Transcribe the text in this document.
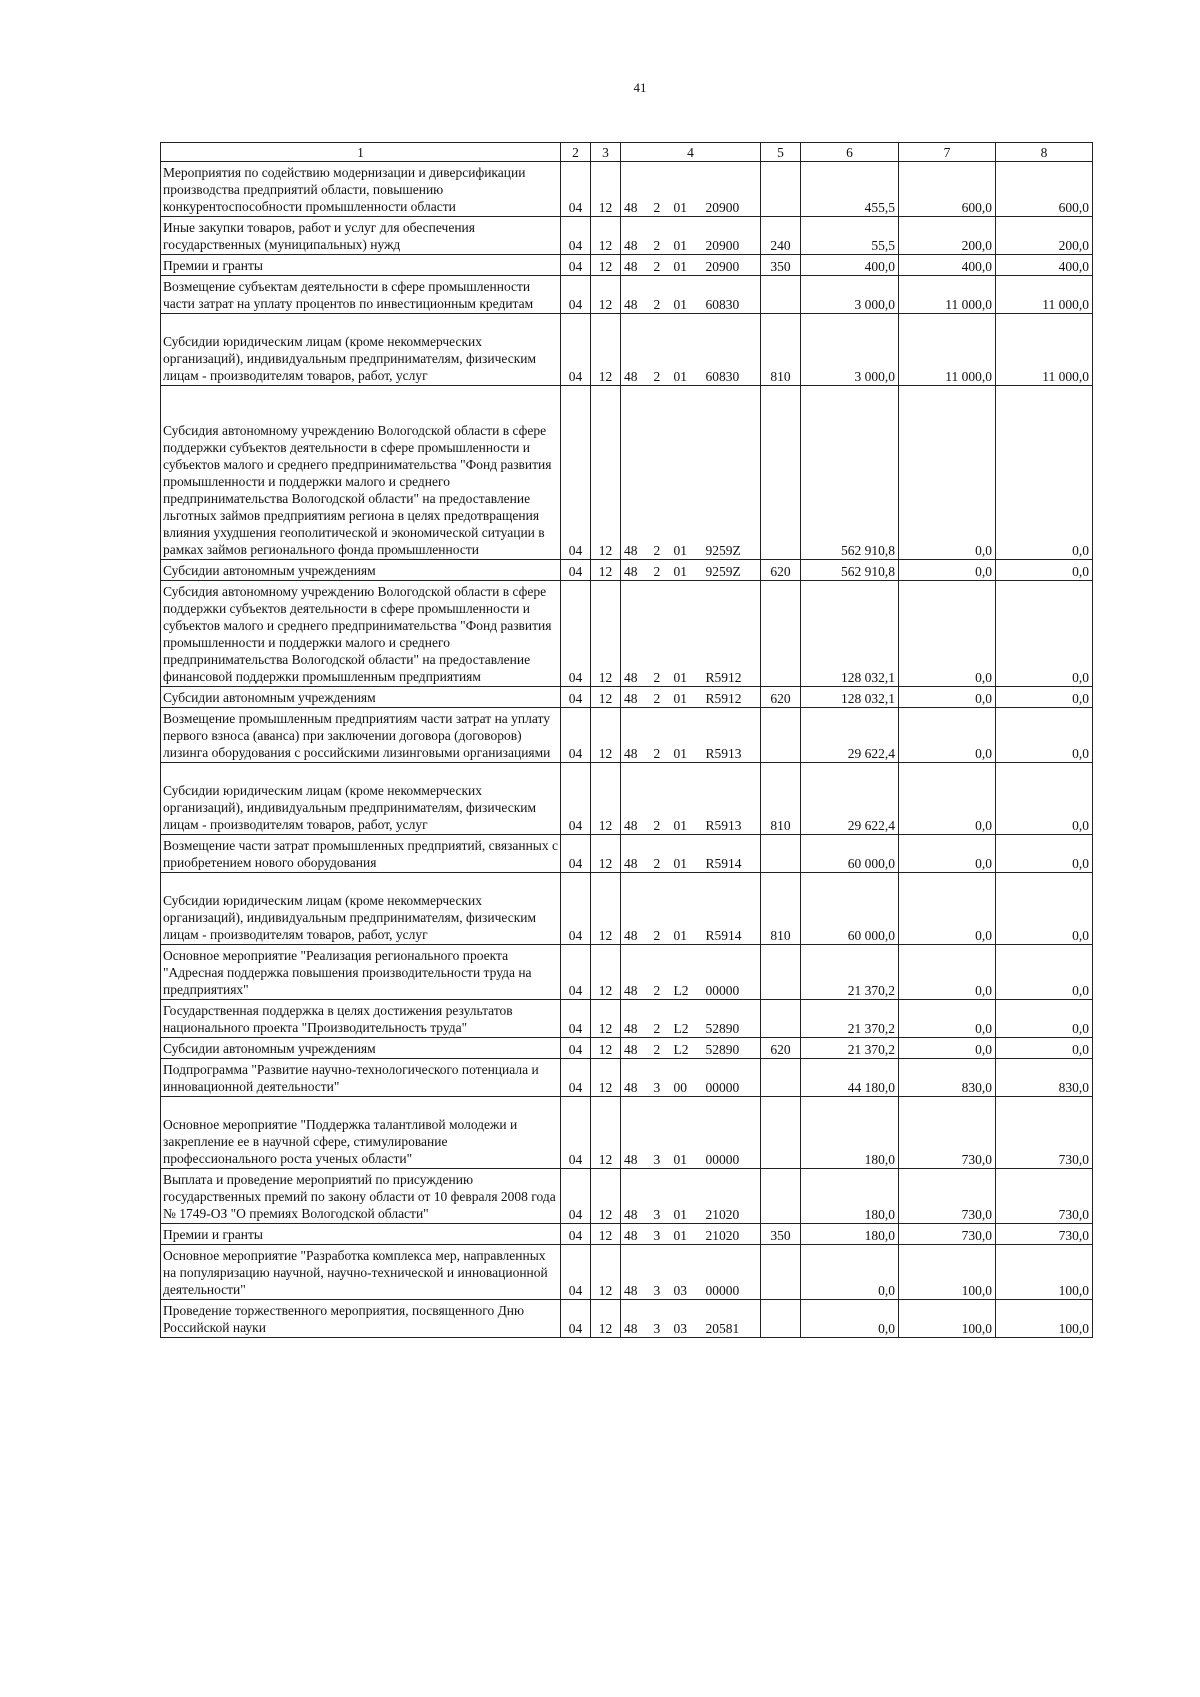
41
1	2	3	4				5	6	7	8
Мероприятия по содействию модернизации и диверсификации производства предприятий области, повышению конкурентоспособности промышленности области	04	12	48	2	01	20900		455,5	600,0	600,0
Иные закупки товаров, работ и услуг для обеспечения государственных (муниципальных) нужд	04	12	48	2	01	20900	240	55,5	200,0	200,0
Премии и гранты	04	12	48	2	01	20900	350	400,0	400,0	400,0
Возмещение субъектам деятельности в сфере промышленности части затрат на уплату процентов по инвестиционным кредитам	04	12	48	2	01	60830		3 000,0	11 000,0	11 000,0

Субсидии юридическим лицам (кроме некоммерческих организаций), индивидуальным предпринимателям, физическим лицам - производителям товаров, работ, услуг	04	12	48	2	01	60830	810	3 000,0	11 000,0	11 000,0

Субсидия автономному учреждению Вологодской области в сфере поддержки субъектов деятельности в сфере промышленности и субъектов малого и среднего предпринимательства "Фонд развития промышленности и поддержки малого и среднего предпринимательства Вологодской области" на предоставление льготных займов предприятиям региона в целях предотвращения влияния ухудшения геополитической и экономической ситуации в рамках займов регионального фонда промышленности	04	12	48	2	01	9259Z		562 910,8	0,0	0,0
Субсидии автономным учреждениям	04	12	48	2	01	9259Z	620	562 910,8	0,0	0,0
Субсидия автономному учреждению Вологодской области в сфере поддержки субъектов деятельности в сфере промышленности и субъектов малого и среднего предпринимательства "Фонд развития промышленности и поддержки малого и среднего предпринимательства Вологодской области" на предоставление финансовой поддержки промышленным предприятиям	04	12	48	2	01	R5912		128 032,1	0,0	0,0
Субсидии автономным учреждениям	04	12	48	2	01	R5912	620	128 032,1	0,0	0,0
Возмещение промышленным предприятиям части затрат на уплату первого взноса (аванса) при заключении договора (договоров) лизинга оборудования с российскими лизинговыми организациями	04	12	48	2	01	R5913		29 622,4	0,0	0,0

Субсидии юридическим лицам (кроме некоммерческих организаций), индивидуальным предпринимателям, физическим лицам - производителям товаров, работ, услуг	04	12	48	2	01	R5913	810	29 622,4	0,0	0,0
Возмещение части затрат промышленных предприятий, связанных с приобретением нового оборудования	04	12	48	2	01	R5914		60 000,0	0,0	0,0

Субсидии юридическим лицам (кроме некоммерческих организаций), индивидуальным предпринимателям, физическим лицам - производителям товаров, работ, услуг	04	12	48	2	01	R5914	810	60 000,0	0,0	0,0
Основное мероприятие "Реализация регионального проекта "Адресная поддержка повышения производительности труда на предприятиях"	04	12	48	2	L2	00000		21 370,2	0,0	0,0
Государственная поддержка в целях достижения результатов национального проекта "Производительность труда"	04	12	48	2	L2	52890		21 370,2	0,0	0,0
Субсидии автономным учреждениям	04	12	48	2	L2	52890	620	21 370,2	0,0	0,0
Подпрограмма "Развитие научно-технологического потенциала и инновационной деятельности"	04	12	48	3	00	00000		44 180,0	830,0	830,0

Основное мероприятие "Поддержка талантливой молодежи и закрепление ее в научной сфере, стимулирование профессионального роста ученых области"	04	12	48	3	01	00000		180,0	730,0	730,0
Выплата и проведение мероприятий по присуждению государственных премий по закону области от 10 февраля 2008 года № 1749-ОЗ "О премиях Вологодской области"	04	12	48	3	01	21020		180,0	730,0	730,0
Премии и гранты	04	12	48	3	01	21020	350	180,0	730,0	730,0
Основное мероприятие "Разработка комплекса мер, направленных на популяризацию научной, научно-технической и инновационной деятельности"	04	12	48	3	03	00000		0,0	100,0	100,0
Проведение торжественного мероприятия, посвященного Дню Российской науки	04	12	48	3	03	20581		0,0	100,0	100,0
